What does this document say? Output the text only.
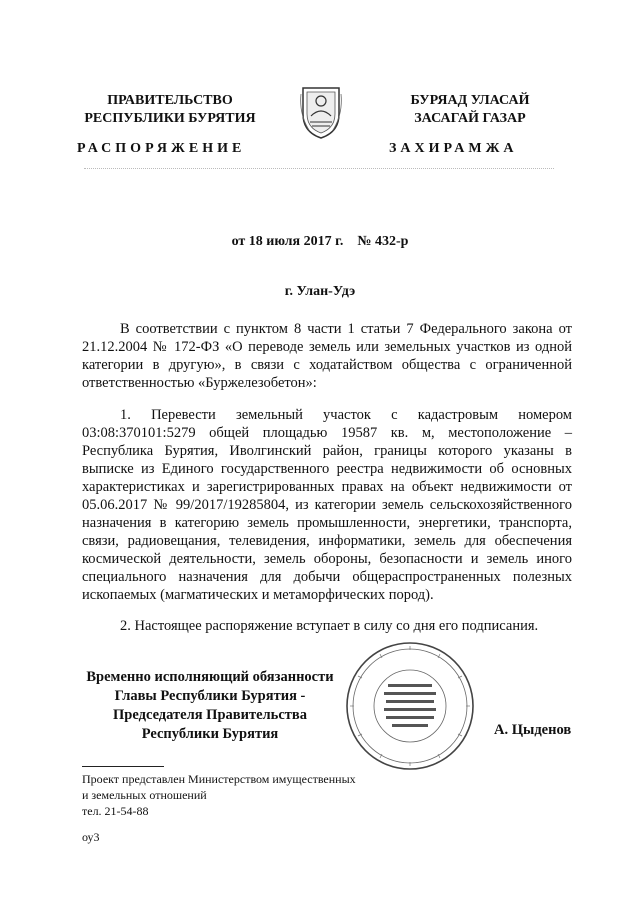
ПРАВИТЕЛЬСТВО
РЕСПУБЛИКИ БУРЯТИЯ
БУРЯАД УЛАСАЙ
ЗАСАГАЙ ГАЗАР
РАСПОРЯЖЕНИЕ	ЗАХИРАМЖА
от 18 июля 2017 г.    № 432-р
г. Улан-Удэ

В соответствии с пунктом 8 части 1 статьи 7 Федерального закона от 21.12.2004 № 172-ФЗ «О переводе земель или земельных участков из одной категории в другую», в связи с ходатайством общества с ограниченной ответственностью «Буржелезобетон»:

1. Перевести земельный участок с кадастровым номером 03:08:370101:5279 общей площадью 19587 кв. м, местоположение – Республика Бурятия, Иволгинский район, границы которого указаны в выписке из Единого государственного реестра недвижимости об основных характеристиках и зарегистрированных правах на объект недвижимости от 05.06.2017 № 99/2017/19285804, из категории земель сельскохозяйственного назначения в категорию земель промышленности, энергетики, транспорта, связи, радиовещания, телевидения, информатики, земель для обеспечения космической деятельности, земель обороны, безопасности и земель иного специального назначения для добычи общераспространенных полезных ископаемых (магматических и метаморфических пород).

2. Настоящее распоряжение вступает в силу со дня его подписания.

Временно исполняющий обязанности
Главы Республики Бурятия -
Председателя Правительства
Республики Бурятия	А. Цыденов
Проект представлен Министерством имущественных
и земельных отношений
тел. 21-54-88
оу3
